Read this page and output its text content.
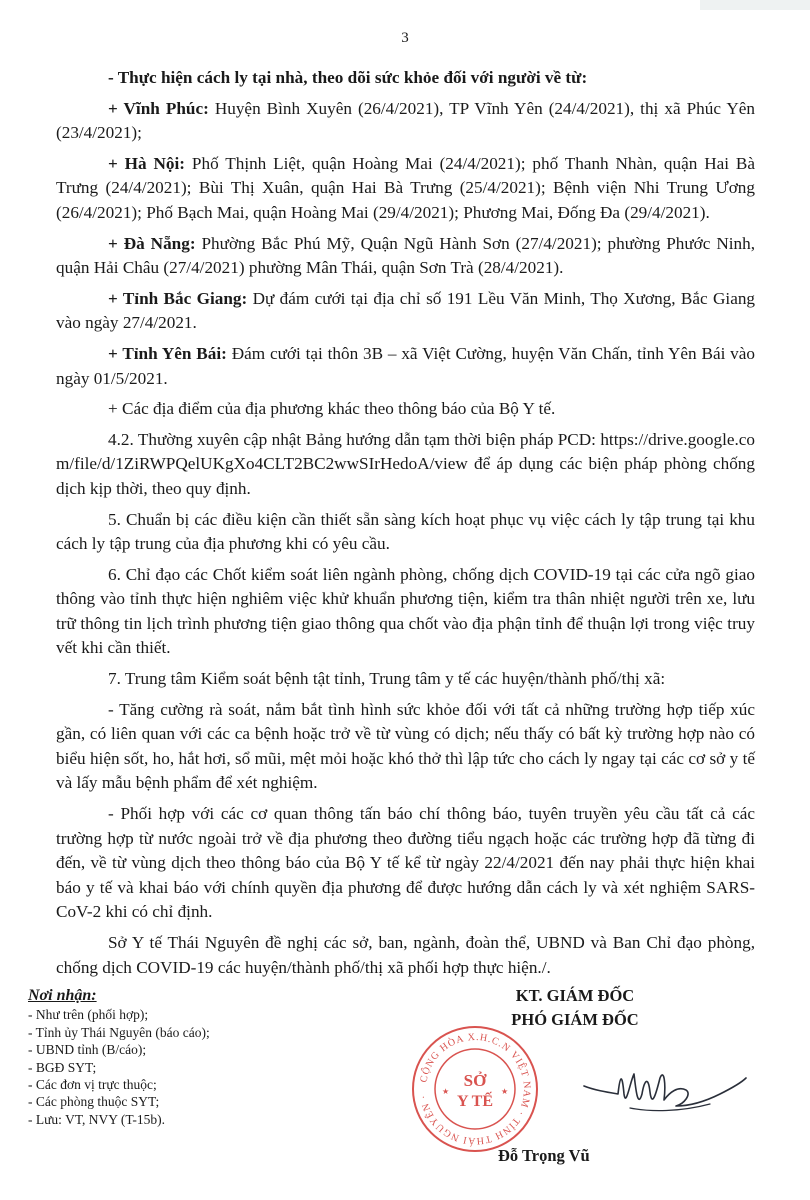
3

- Thực hiện cách ly tại nhà, theo dõi sức khỏe đối với người về từ:

+ Vĩnh Phúc: Huyện Bình Xuyên (26/4/2021), TP Vĩnh Yên (24/4/2021), thị xã Phúc Yên (23/4/2021);

+ Hà Nội: Phố Thịnh Liệt, quận Hoàng Mai (24/4/2021); phố Thanh Nhàn, quận Hai Bà Trưng (24/4/2021); Bùi Thị Xuân, quận Hai Bà Trưng (25/4/2021); Bệnh viện Nhi Trung Ương (26/4/2021); Phố Bạch Mai, quận Hoàng Mai (29/4/2021); Phương Mai, Đống Đa (29/4/2021).

+ Đà Nẵng: Phường Bắc Phú Mỹ, Quận Ngũ Hành Sơn (27/4/2021); phường Phước Ninh, quận Hải Châu (27/4/2021) phường Mân Thái, quận Sơn Trà (28/4/2021).

+ Tỉnh Bắc Giang: Dự đám cưới tại địa chỉ số 191 Lều Văn Minh, Thọ Xương, Bắc Giang vào ngày 27/4/2021.

+ Tỉnh Yên Bái: Đám cưới tại thôn 3B – xã Việt Cường, huyện Văn Chấn, tỉnh Yên Bái vào ngày 01/5/2021.

+ Các địa điểm của địa phương khác theo thông báo của Bộ Y tế.

4.2. Thường xuyên cập nhật Bảng hướng dẫn tạm thời biện pháp PCD: https://drive.google.com/file/d/1ZiRWPQelUKgXo4CLT2BC2wwSIrHedoA/view để áp dụng các biện pháp phòng chống dịch kịp thời, theo quy định.

5. Chuẩn bị các điều kiện cần thiết sẵn sàng kích hoạt phục vụ việc cách ly tập trung tại khu cách ly tập trung của địa phương khi có yêu cầu.

6. Chỉ đạo các Chốt kiểm soát liên ngành phòng, chống dịch COVID-19 tại các cửa ngõ giao thông vào tỉnh thực hiện nghiêm việc khử khuẩn phương tiện, kiểm tra thân nhiệt người trên xe, lưu trữ thông tin lịch trình phương tiện giao thông qua chốt vào địa phận tỉnh để thuận lợi trong việc truy vết khi cần thiết.

7. Trung tâm Kiểm soát bệnh tật tỉnh, Trung tâm y tế các huyện/thành phố/thị xã:

- Tăng cường rà soát, nắm bắt tình hình sức khỏe đối với tất cả những trường hợp tiếp xúc gần, có liên quan với các ca bệnh hoặc trở về từ vùng có dịch; nếu thấy có bất kỳ trường hợp nào có biểu hiện sốt, ho, hắt hơi, sổ mũi, mệt mỏi hoặc khó thở thì lập tức cho cách ly ngay tại các cơ sở y tế và lấy mẫu bệnh phẩm để xét nghiệm.

- Phối hợp với các cơ quan thông tấn báo chí thông báo, tuyên truyền yêu cầu tất cả các trường hợp từ nước ngoài trở về địa phương theo đường tiểu ngạch hoặc các trường hợp đã từng đi đến, về từ vùng dịch theo thông báo của Bộ Y tế kể từ ngày 22/4/2021 đến nay phải thực hiện khai báo y tế và khai báo với chính quyền địa phương để được hướng dẫn cách ly và xét nghiệm SARS-CoV-2 khi có chỉ định.

Sở Y tế Thái Nguyên đề nghị các sở, ban, ngành, đoàn thể, UBND và Ban Chỉ đạo phòng, chống dịch COVID-19 các huyện/thành phố/thị xã phối hợp thực hiện./.

Nơi nhận:
- Như trên (phối hợp);
- Tỉnh ủy Thái Nguyên (báo cáo);
- UBND tỉnh (B/cáo);
- BGĐ SYT;
- Các đơn vị trực thuộc;
- Các phòng thuộc SYT;
- Lưu: VT, NVY (T-15b).
KT. GIÁM ĐỐC
PHÓ GIÁM ĐỐC
CỘNG HÒA X.H.C.N VIỆT NAM · TỈNH THÁI NGUYÊN ·
SỞ
Y TẾ
★	★
Đỗ Trọng Vũ
